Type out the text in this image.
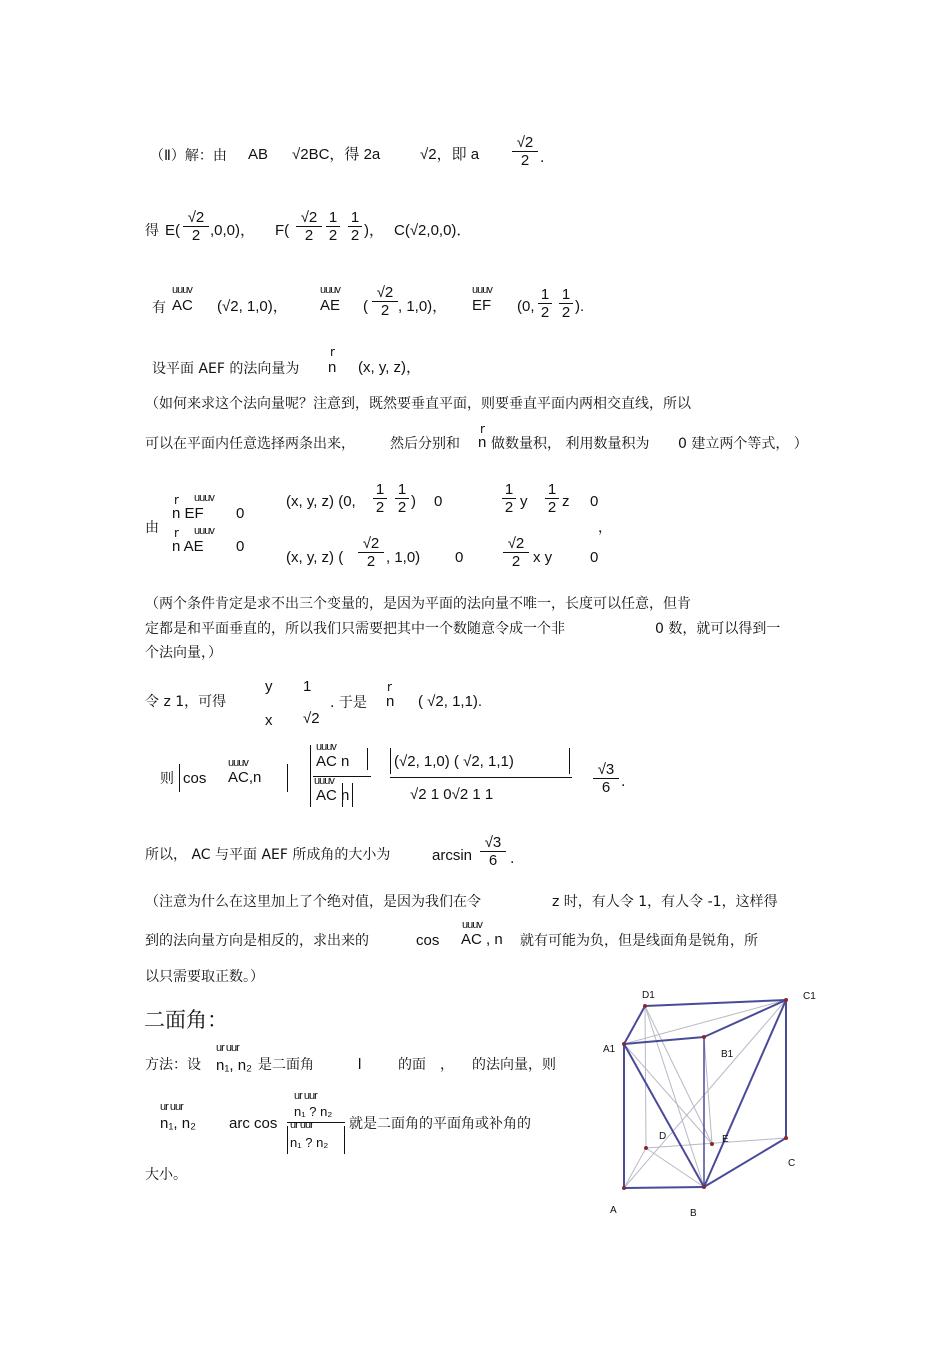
（Ⅱ）解：由 AB √2BC，得 2a	√2，即 a $\frac{√2}{2}$ .
得 $E( \frac{√2}{2} ,0,0)$， $F( \frac{√2}{2} \frac{1}{2} \frac{1}{2}$ )， C(√2,0,0)．
有
uuuv
AC (√2, 1,0)，
uuuv
AE ( $\frac{√2}{2}$ , 1,0)，
uuuv
EF (0, $\frac{1}{2} \frac{1}{2}$ ).
设平面 AEF 的法向量为
r
n (x, y, z)，
（如何来求这个法向量呢？注意到，既然要垂直平面，则要垂直平面内两相交直线，所以
可以在平面内任意选择两条出来，	然后分别和
r
n 做数量积， 利用数量积为 0 建立两个等式， ）
由
r uuuv
n EF 0
r uuuv
n AE 0
(x, y, z) (0, $\frac{1}{2} \frac{1}{2}$ ) 0	$\frac{1}{2}$ y $\frac{1}{2}$ z 0
(x, y, z) ( $\frac{√2}{2}$ , 1,0) 0	$\frac{√2}{2}$ x y	0
，
（两个条件肯定是求不出三个变量的，是因为平面的法向量不唯一，长度可以任意，但肯
定都是和平面垂直的，所以我们只需要把其中一个数随意令成一个非	0 数，就可以得到一
个法向量，）
令 z 1，可得
y 1
x √2
. 于是
r
n ( √2, 1,1).
则 cos
uuuv
AC,n
uuuv
AC n
uuuv
AC n
(√2, 1,0) ( √2, 1,1)
√2 1 0√2 1 1	$\frac{√3}{6}$ .
所以， AC 与平面 AEF 所成角的大小为	$\arcsin \frac{√3}{6}$ .
（注意为什么在这里加上了个绝对值，是因为我们在令	z 时，有人令 1，有人令 -1，这样得
到的法向量方向是相反的，求出来的	cos
uuuv
AC , n 就有可能为负，但是线面角是锐角，所
以只需要取正数。）
二面角：
方法：设
ur uur
n₁, n₂ 是二面角	l	的面 ， 的法向量，则
ur uur
n₁, n₂ arc cos
ur uur
n₁ ? n₂
ur uur
n₁ ? n₂
就是二面角的平面角或补角的
大小。
D1	C1
A1	B1
D	E
C
A	B
